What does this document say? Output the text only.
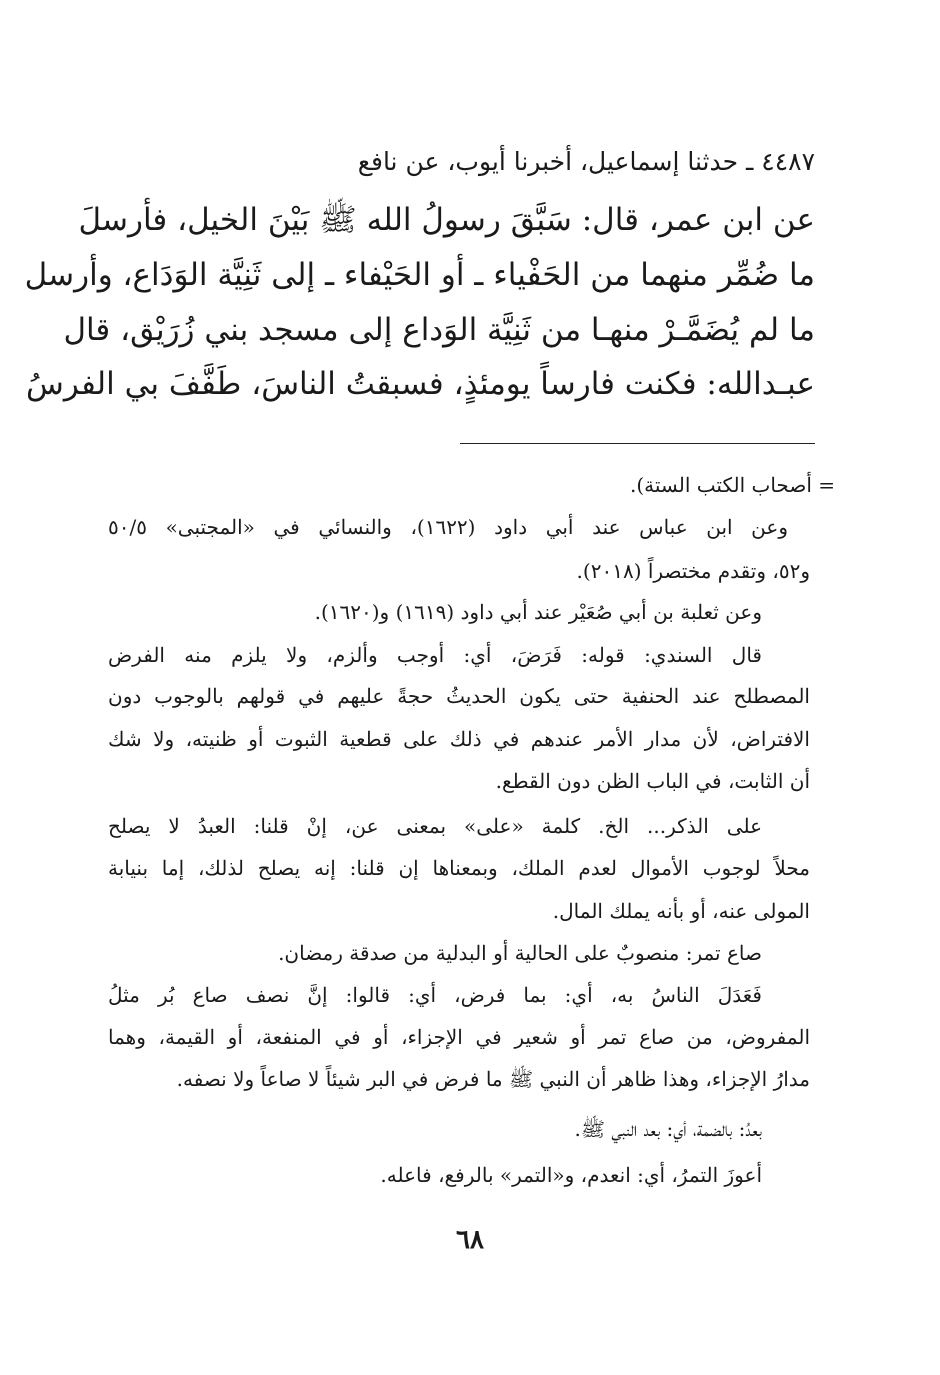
٤٤٨٧ ـ حدثنا إسماعيل، أخبرنا أيوب، عن نافع
عن ابن عمر، قال: سَبَّقَ رسولُ الله ﷺ بَيْنَ الخيل، فأرسلَ
ما ضُمِّر منهما من الحَفْياء ـ أو الحَيْفاء ـ إلى ثَنِيَّة الوَدَاع، وأرسل
ما لم يُضَمَّـرْ منهـا من ثَنِيَّة الوَداع إلى مسجد بني زُرَيْق، قال
عبـدالله: فكنت فارساً يومئذٍ، فسبقتُ الناسَ، طَفَّفَ بي الفرسُ
= أصحاب الكتب الستة).
وعن ابن عباس عند أبي داود (١٦٢٢)، والنسائي في «المجتبى» ٥٠/٥
و٥٢، وتقدم مختصراً (٢٠١٨).
وعن ثعلبة بن أبي صُعَيْر عند أبي داود (١٦١٩) و(١٦٢٠).
قال السندي: قوله: فَرَضَ، أي: أوجب وألزم، ولا يلزم منه الفرض
المصطلح عند الحنفية حتى يكون الحديثُ حجةً عليهم في قولهم بالوجوب دون
الافتراض، لأن مدار الأمر عندهم في ذلك على قطعية الثبوت أو ظنيته، ولا شك
أن الثابت، في الباب الظن دون القطع.
على الذكر... الخ. كلمة «على» بمعنى عن، إنْ قلنا: العبدُ لا يصلح
محلاً لوجوب الأموال لعدم الملك، وبمعناها إن قلنا: إنه يصلح لذلك، إما بنيابة
المولى عنه، أو بأنه يملك المال.
صاع تمر: منصوبٌ على الحالية أو البدلية من صدقة رمضان.
فَعَدَلَ الناسُ به، أي: بما فرض، أي: قالوا: إنَّ نصف صاع بُر مثلُ
المفروض، من صاع تمر أو شعير في الإجزاء، أو في المنفعة، أو القيمة، وهما
مدارُ الإجزاء، وهذا ظاهر أن النبي ﷺ ما فرض في البر شيئاً لا صاعاً ولا نصفه.
بعدُ: بالضمة، أي: بعد النبي ﷺ.
أعوزَ التمرُ، أي: انعدم، و«التمر» بالرفع، فاعله.
٦٨
